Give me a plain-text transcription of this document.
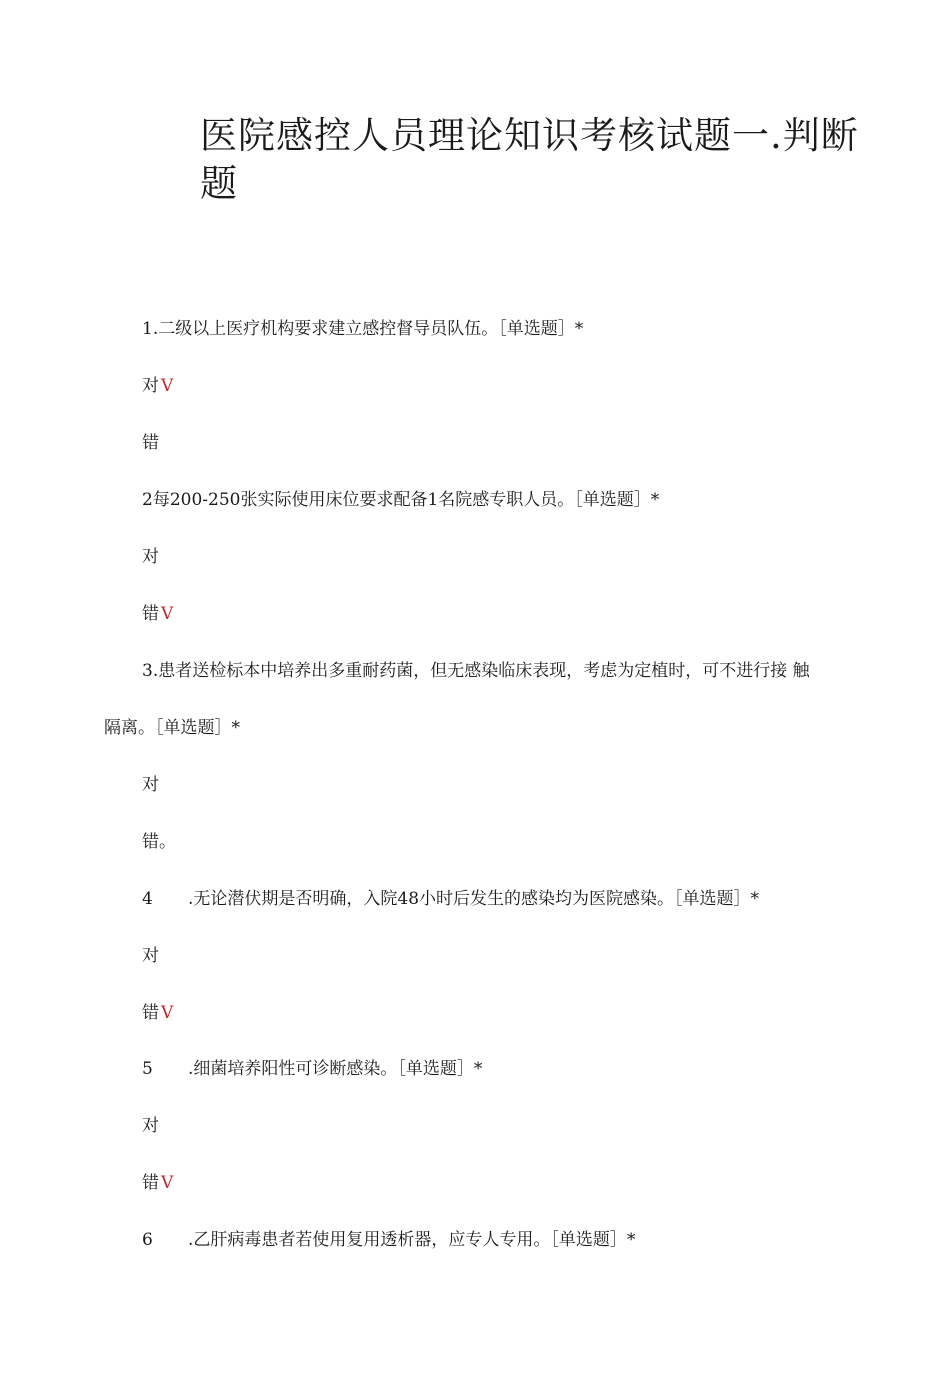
医院感控人员理论知识考核试题一.判断题
1.二级以上医疗机构要求建立感控督导员队伍。［单选题］*
对 V
错
2每200-250张实际使用床位要求配备1名院感专职人员。［单选题］*
对
错 V
3.患者送检标本中培养出多重耐药菌，但无感染临床表现，考虑为定植时，可不进行接 触
隔离。［单选题］*
对
错。
4 .无论潜伏期是否明确，入院48小时后发生的感染均为医院感染。［单选题］*
对
错 V
5 .细菌培养阳性可诊断感染。［单选题］*
对
错 V
6 .乙肝病毒患者若使用复用透析器，应专人专用。［单选题］*
